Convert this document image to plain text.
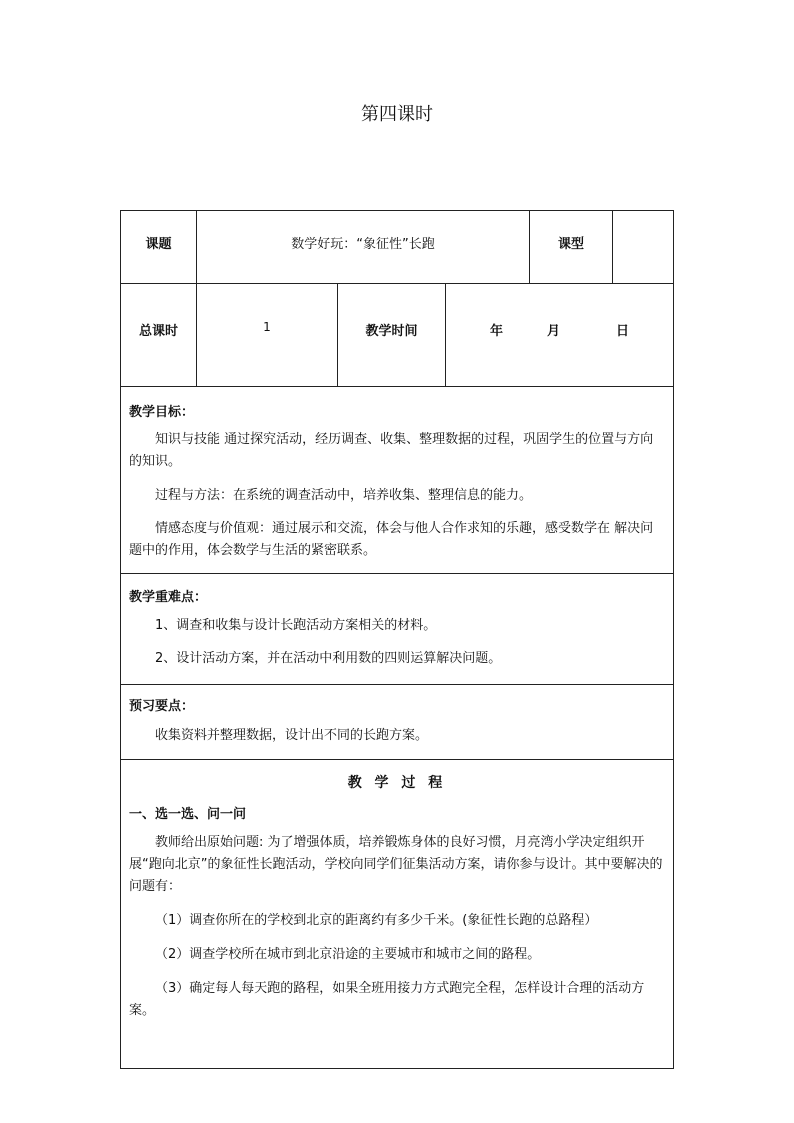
第四课时
课题	数学好玩：“象征性”长跑	课型
总课时	1	教学时间	年	月	日
教学目标：
知识与技能 通过探究活动，经历调查、收集、整理数据的过程，巩固学生的位置与方向的知识。
过程与方法：在系统的调查活动中，培养收集、整理信息的能力。
情感态度与价值观：通过展示和交流，体会与他人合作求知的乐趣，感受数学在 解决问题中的作用，体会数学与生活的紧密联系。
教学重难点：
1、调查和收集与设计长跑活动方案相关的材料。
2、设计活动方案，并在活动中利用数的四则运算解决问题。
预习要点：
收集资料并整理数据，设计出不同的长跑方案。
教 学 过 程
一、选一选、问一问
教师给出原始问题: 为了增强体质，培养锻炼身体的良好习惯，月亮湾小学决定组织开展“跑向北京”的象征性长跑活动，学校向同学们征集活动方案，请你参与设计。其中要解决的问题有：
（1）调查你所在的学校到北京的距离约有多少千米。(象征性长跑的总路程）
（2）调查学校所在城市到北京沿途的主要城市和城市之间的路程。
（3）确定每人每天跑的路程，如果全班用接力方式跑完全程，怎样设计合理的活动方案。
